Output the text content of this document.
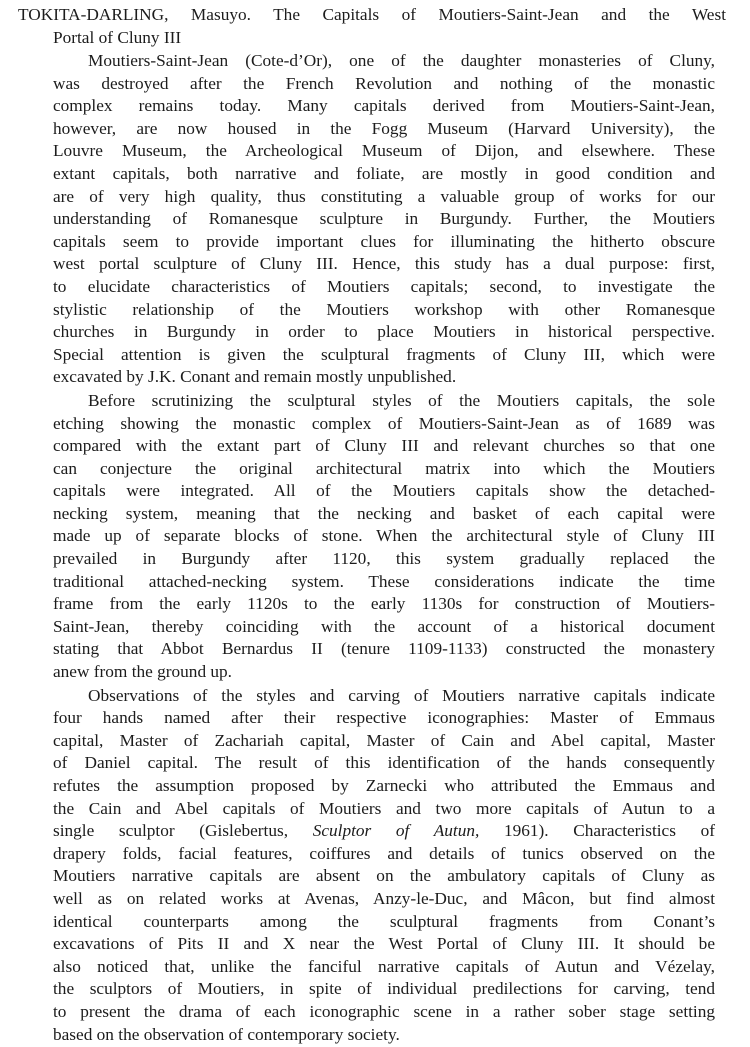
TOKITA-DARLING, Masuyo. The Capitals of Moutiers-Saint-Jean and the West
Portal of Cluny III
Moutiers-Saint-Jean (Cote-d’Or), one of the daughter monasteries of Cluny,
was destroyed after the French Revolution and nothing of the monastic
complex remains today. Many capitals derived from Moutiers-Saint-Jean,
however, are now housed in the Fogg Museum (Harvard University), the
Louvre Museum, the Archeological Museum of Dijon, and elsewhere. These
extant capitals, both narrative and foliate, are mostly in good condition and
are of very high quality, thus constituting a valuable group of works for our
understanding of Romanesque sculpture in Burgundy. Further, the Moutiers
capitals seem to provide important clues for illuminating the hitherto obscure
west portal sculpture of Cluny III. Hence, this study has a dual purpose: first,
to elucidate characteristics of Moutiers capitals; second, to investigate the
stylistic relationship of the Moutiers workshop with other Romanesque
churches in Burgundy in order to place Moutiers in historical perspective.
Special attention is given the sculptural fragments of Cluny III, which were
excavated by J.K. Conant and remain mostly unpublished.
Before scrutinizing the sculptural styles of the Moutiers capitals, the sole
etching showing the monastic complex of Moutiers-Saint-Jean as of 1689 was
compared with the extant part of Cluny III and relevant churches so that one
can conjecture the original architectural matrix into which the Moutiers
capitals were integrated. All of the Moutiers capitals show the detached-
necking system, meaning that the necking and basket of each capital were
made up of separate blocks of stone. When the architectural style of Cluny III
prevailed in Burgundy after 1120, this system gradually replaced the
traditional attached-necking system. These considerations indicate the time
frame from the early 1120s to the early 1130s for construction of Moutiers-
Saint-Jean, thereby coinciding with the account of a historical document
stating that Abbot Bernardus II (tenure 1109-1133) constructed the monastery
anew from the ground up.
Observations of the styles and carving of Moutiers narrative capitals indicate
four hands named after their respective iconographies: Master of Emmaus
capital, Master of Zachariah capital, Master of Cain and Abel capital, Master
of Daniel capital. The result of this identification of the hands consequently
refutes the assumption proposed by Zarnecki who attributed the Emmaus and
the Cain and Abel capitals of Moutiers and two more capitals of Autun to a
single sculptor (Gislebertus, Sculptor of Autun, 1961). Characteristics of
drapery folds, facial features, coiffures and details of tunics observed on the
Moutiers narrative capitals are absent on the ambulatory capitals of Cluny as
well as on related works at Avenas, Anzy-le-Duc, and Mâcon, but find almost
identical counterparts among the sculptural fragments from Conant’s
excavations of Pits II and X near the West Portal of Cluny III. It should be
also noticed that, unlike the fanciful narrative capitals of Autun and Vézelay,
the sculptors of Moutiers, in spite of individual predilections for carving, tend
to present the drama of each iconographic scene in a rather sober stage setting
based on the observation of contemporary society.
